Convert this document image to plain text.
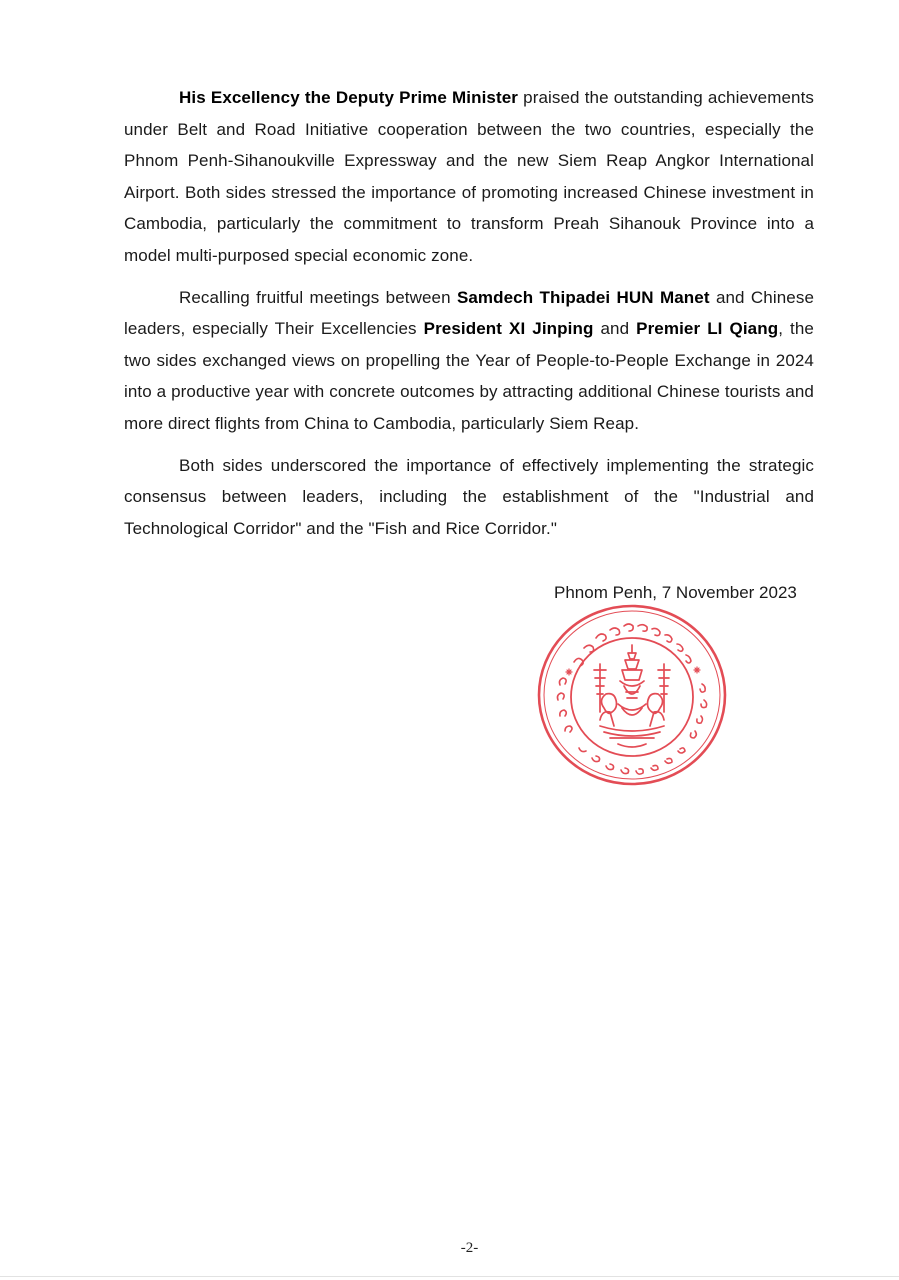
His Excellency the Deputy Prime Minister praised the outstanding achievements under Belt and Road Initiative cooperation between the two countries, especially the Phnom Penh-Sihanoukville Expressway and the new Siem Reap Angkor International Airport. Both sides stressed the importance of promoting increased Chinese investment in Cambodia, particularly the commitment to transform Preah Sihanouk Province into a model multi-purposed special economic zone.

Recalling fruitful meetings between Samdech Thipadei HUN Manet and Chinese leaders, especially Their Excellencies President XI Jinping and Premier LI Qiang, the two sides exchanged views on propelling the Year of People-to-People Exchange in 2024 into a productive year with concrete outcomes by attracting additional Chinese tourists and more direct flights from China to Cambodia, particularly Siem Reap.

Both sides underscored the importance of effectively implementing the strategic consensus between leaders, including the establishment of the "Industrial and Technological Corridor" and the "Fish and Rice Corridor."

Phnom Penh, 7 November 2023
-2-
